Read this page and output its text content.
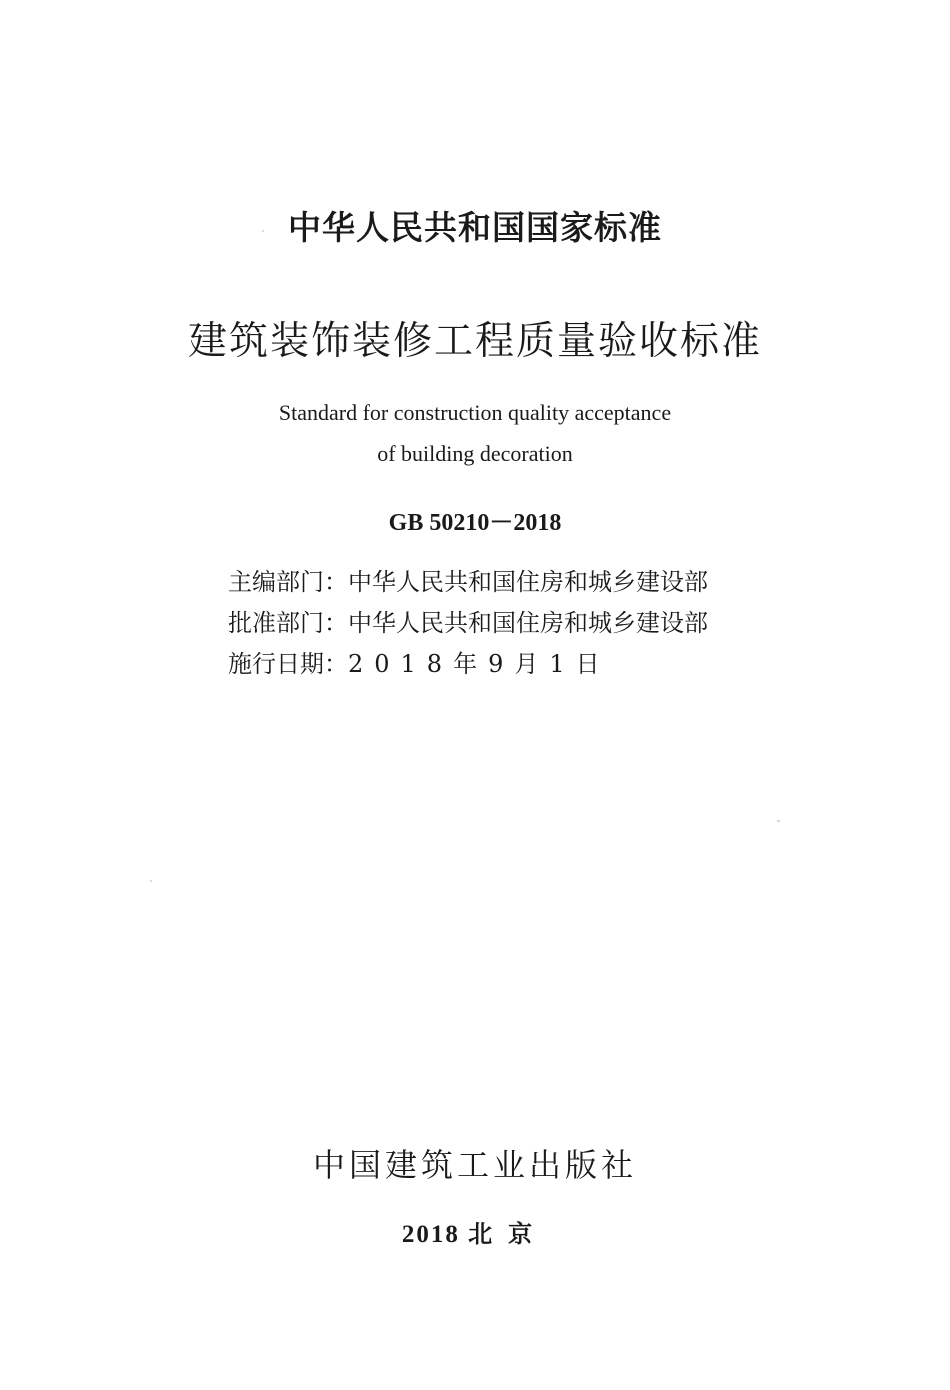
中华人民共和国国家标准
建筑装饰装修工程质量验收标准
Standard for construction quality acceptance
of building decoration
GB 50210－2018
主编部门：中华人民共和国住房和城乡建设部
批准部门：中华人民共和国住房和城乡建设部
施行日期：2018年9月1日
中国建筑工业出版社
2018 北京
